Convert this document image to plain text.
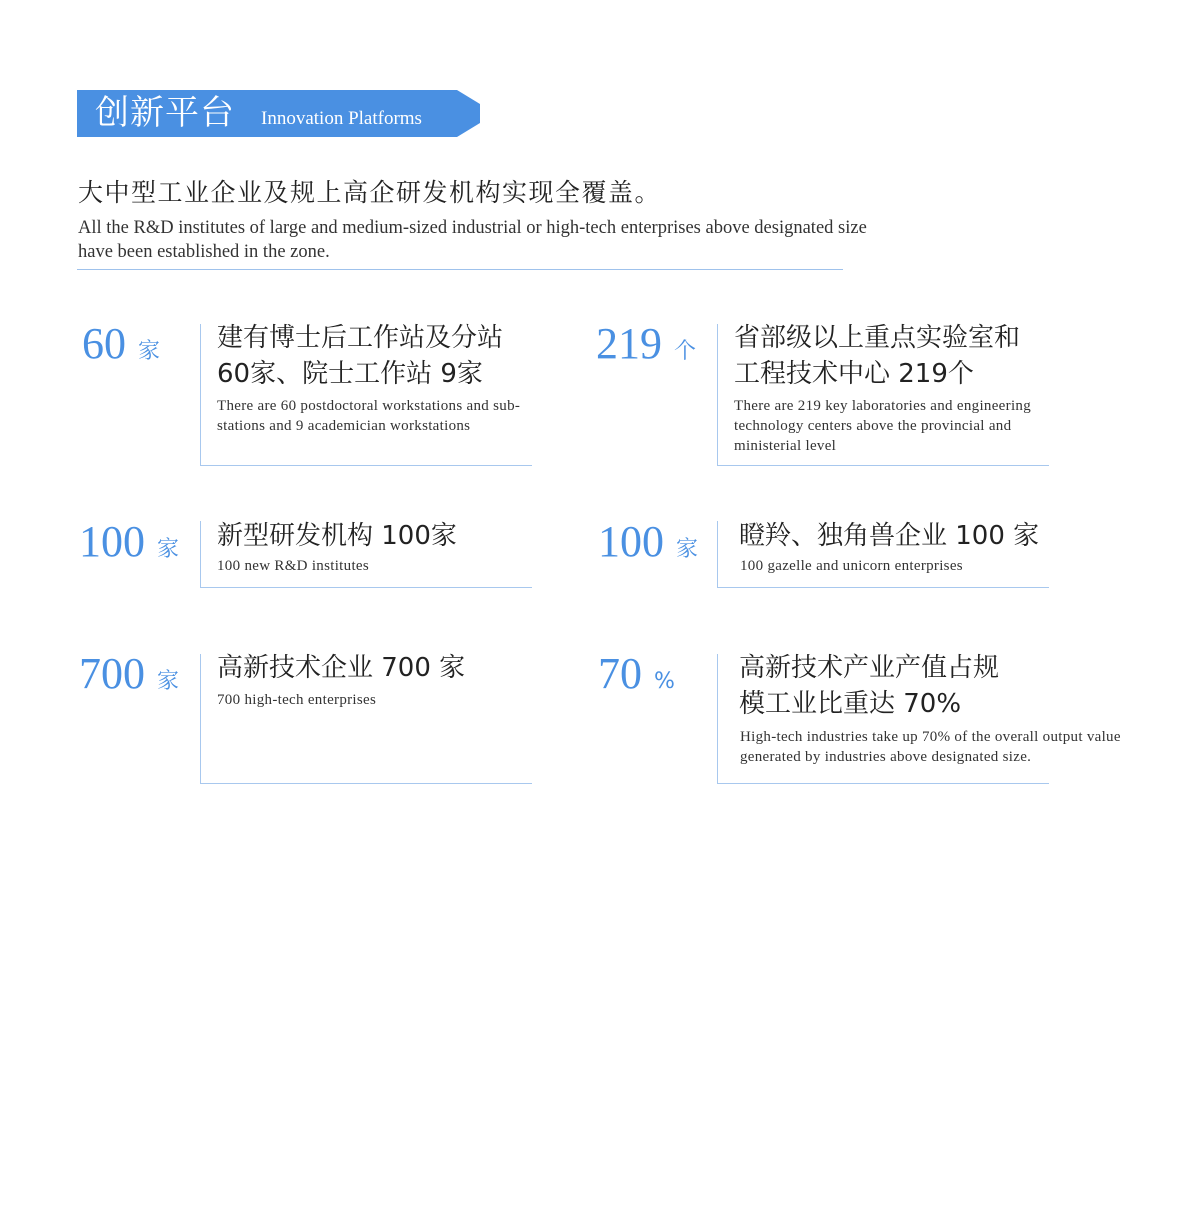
创新平台 Innovation Platforms
大中型工业企业及规上高企研发机构实现全覆盖。
All the R&D institutes of large and medium-sized industrial or high-tech enterprises above designated size have been established in the zone.
60 家 建有博士后工作站及分站
60家、院士工作站 9家
There are 60 postdoctoral workstations and sub-stations and 9 academician workstations
219 个 省部级以上重点实验室和
工程技术中心 219个
There are 219 key laboratories and engineering technology centers above the provincial and ministerial level
100 家 新型研发机构 100家
100 new R&D institutes	100 家 瞪羚、独角兽企业 100 家
100 gazelle and unicorn enterprises
700 家 高新技术企业 700 家
700 high-tech enterprises
70 % 高新技术产业产值占规
模工业比重达 70%
High-tech industries take up 70% of the overall output value generated by industries above designated size.
